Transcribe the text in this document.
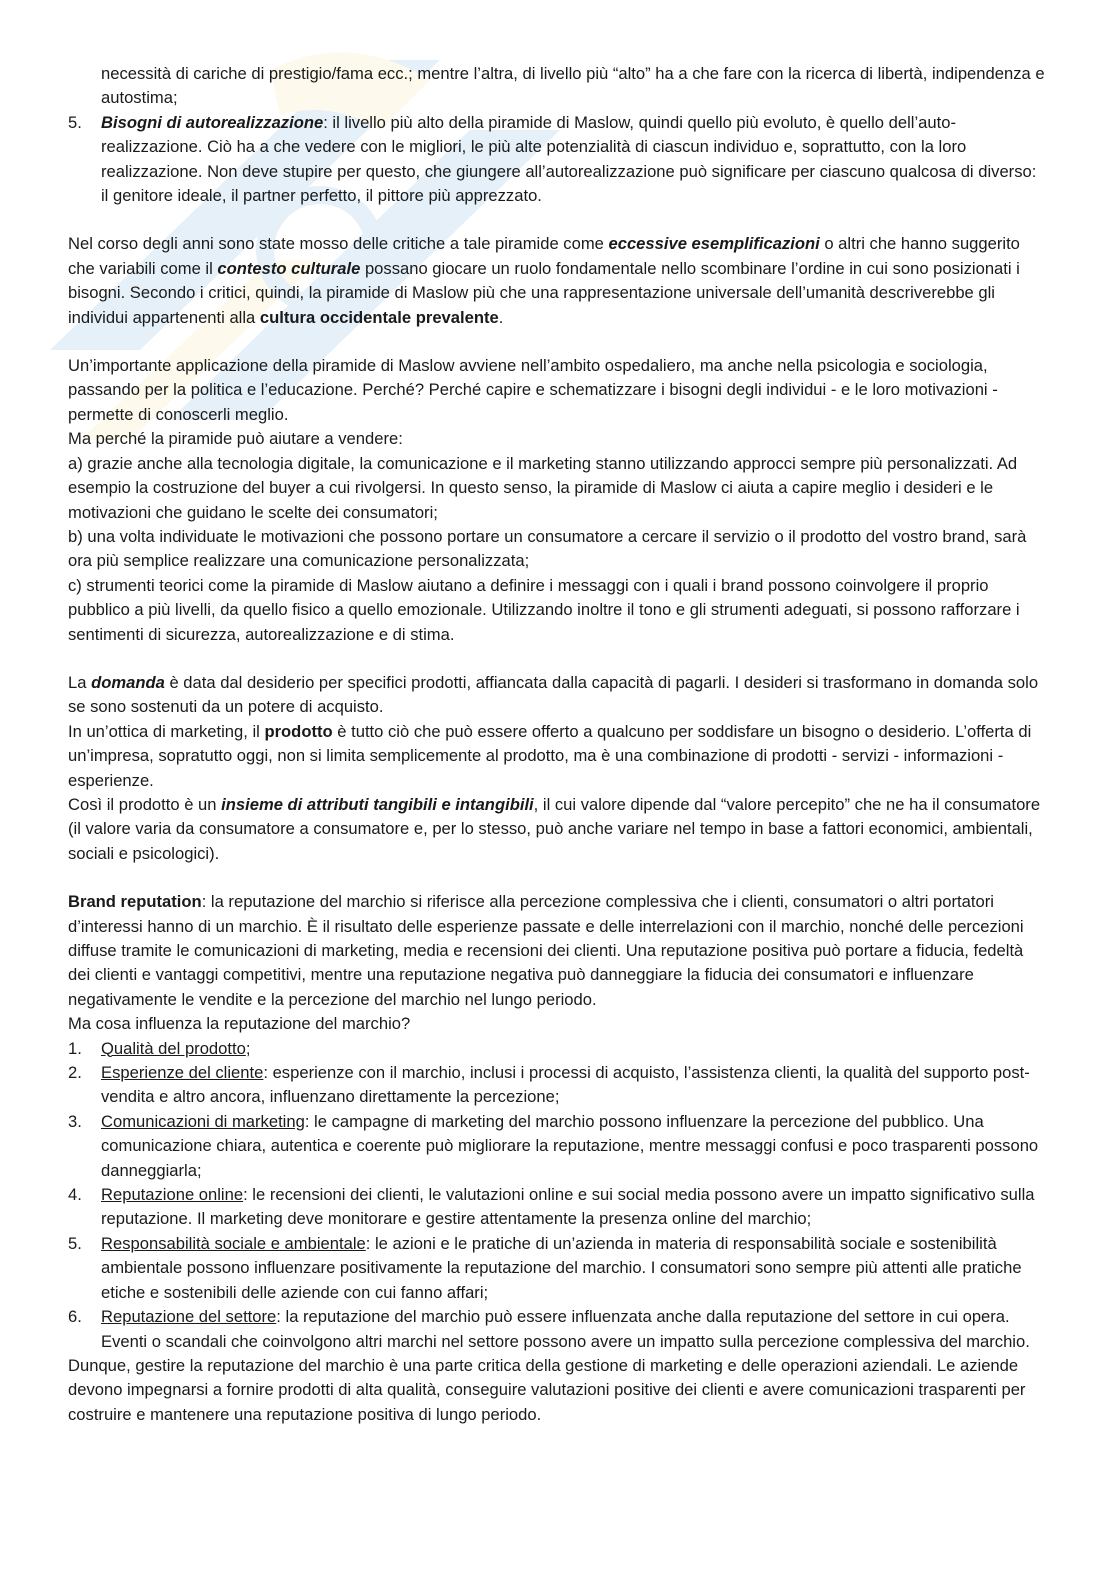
necessità di cariche di prestigio/fama ecc.; mentre l’altra, di livello più “alto” ha a che fare con la ricerca di libertà, indipendenza e autostima;

5. Bisogni di autorealizzazione: il livello più alto della piramide di Maslow, quindi quello più evoluto, è quello dell’auto-realizzazione. Ciò ha a che vedere con le migliori, le più alte potenzialità di ciascun individuo e, soprattutto, con la loro realizzazione. Non deve stupire per questo, che giungere all’autorealizzazione può significare per ciascuno qualcosa di diverso: il genitore ideale, il partner perfetto, il pittore più apprezzato.

Nel corso degli anni sono state mosso delle critiche a tale piramide come eccessive esemplificazioni o altri che hanno suggerito che variabili come il contesto culturale possano giocare un ruolo fondamentale nello scombinare l’ordine in cui sono posizionati i bisogni. Secondo i critici, quindi, la piramide di Maslow più che una rappresentazione universale dell’umanità descriverebbe gli individui appartenenti alla cultura occidentale prevalente.

Un’importante applicazione della piramide di Maslow avviene nell’ambito ospedaliero, ma anche nella psicologia e sociologia, passando per la politica e l’educazione. Perché? Perché capire e schematizzare i bisogni degli individui - e le loro motivazioni - permette di conoscerli meglio.

Ma perché la piramide può aiutare a vendere:

a) grazie anche alla tecnologia digitale, la comunicazione e il marketing stanno utilizzando approcci sempre più personalizzati. Ad esempio la costruzione del buyer a cui rivolgersi. In questo senso, la piramide di Maslow ci aiuta a capire meglio i desideri e le motivazioni che guidano le scelte dei consumatori;

b) una volta individuate le motivazioni che possono portare un consumatore a cercare il servizio o il prodotto del vostro brand, sarà ora più semplice realizzare una comunicazione personalizzata;

c) strumenti teorici come la piramide di Maslow aiutano a definire i messaggi con i quali i brand possono coinvolgere il proprio pubblico a più livelli, da quello fisico a quello emozionale. Utilizzando inoltre il tono e gli strumenti adeguati, si possono rafforzare i sentimenti di sicurezza, autorealizzazione e di stima.

La domanda è data dal desiderio per specifici prodotti, affiancata dalla capacità di pagarli. I desideri si trasformano in domanda solo se sono sostenuti da un potere di acquisto.

In un’ottica di marketing, il prodotto è tutto ciò che può essere offerto a qualcuno per soddisfare un bisogno o desiderio. L’offerta di un’impresa, sopratutto oggi, non si limita semplicemente al prodotto, ma è una combinazione di prodotti - servizi - informazioni - esperienze.

Così il prodotto è un insieme di attributi tangibili e intangibili, il cui valore dipende dal “valore percepito” che ne ha il consumatore (il valore varia da consumatore a consumatore e, per lo stesso, può anche variare nel tempo in base a fattori economici, ambientali, sociali e psicologici).

Brand reputation: la reputazione del marchio si riferisce alla percezione complessiva che i clienti, consumatori o altri portatori d’interessi hanno di un marchio. È il risultato delle esperienze passate e delle interrelazioni con il marchio, nonché delle percezioni diffuse tramite le comunicazioni di marketing, media e recensioni dei clienti. Una reputazione positiva può portare a fiducia, fedeltà dei clienti e vantaggi competitivi, mentre una reputazione negativa può danneggiare la fiducia dei consumatori e influenzare negativamente le vendite e la percezione del marchio nel lungo periodo.

Ma cosa influenza la reputazione del marchio?

1. Qualità del prodotto;
2. Esperienze del cliente: esperienze con il marchio, inclusi i processi di acquisto, l’assistenza clienti, la qualità del supporto post-vendita e altro ancora, influenzano direttamente la percezione;
3. Comunicazioni di marketing: le campagne di marketing del marchio possono influenzare la percezione del pubblico. Una comunicazione chiara, autentica e coerente può migliorare la reputazione, mentre messaggi confusi e poco trasparenti possono danneggiarla;
4. Reputazione online: le recensioni dei clienti, le valutazioni online e sui social media possono avere un impatto significativo sulla reputazione. Il marketing deve monitorare e gestire attentamente la presenza online del marchio;
5. Responsabilità sociale e ambientale: le azioni e le pratiche di un’azienda in materia di responsabilità sociale e sostenibilità ambientale possono influenzare positivamente la reputazione del marchio. I consumatori sono sempre più attenti alle pratiche etiche e sostenibili delle aziende con cui fanno affari;
6. Reputazione del settore: la reputazione del marchio può essere influenzata anche dalla reputazione del settore in cui opera. Eventi o scandali che coinvolgono altri marchi nel settore possono avere un impatto sulla percezione complessiva del marchio.

Dunque, gestire la reputazione del marchio è una parte critica della gestione di marketing e delle operazioni aziendali. Le aziende devono impegnarsi a fornire prodotti di alta qualità, conseguire valutazioni positive dei clienti e avere comunicazioni trasparenti per costruire e mantenere una reputazione positiva di lungo periodo.
